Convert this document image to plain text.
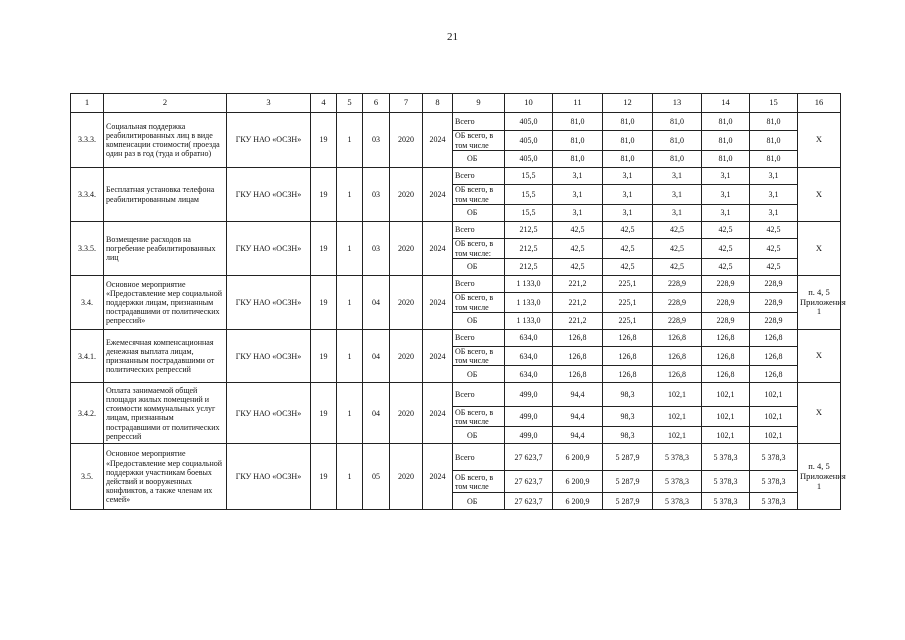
21
1	2	3	4	5	6	7	8	9	10	11	12	13	14	15	16
3.3.3.	Социальная поддержка реабилитированных лиц в виде компенсации стоимости( проезда один раз в год (туда и обратно)	ГКУ НАО «ОСЗН»	19	1	03	2020	2024	Всего	405,0	81,0	81,0	81,0	81,0	81,0	Х
								ОБ всего, в том числе	405,0	81,0	81,0	81,0	81,0	81,0	
								ОБ	405,0	81,0	81,0	81,0	81,0	81,0	
3.3.4.	Бесплатная установка телефона реабилитированным лицам	ГКУ НАО «ОСЗН»	19	1	03	2020	2024	Всего	15,5	3,1	3,1	3,1	3,1	3,1	Х
								ОБ всего, в том числе	15,5	3,1	3,1	3,1	3,1	3,1	
								ОБ	15,5	3,1	3,1	3,1	3,1	3,1	
3.3.5.	Возмещение расходов на погребение реабилитированных лиц	ГКУ НАО «ОСЗН»	19	1	03	2020	2024	Всего	212,5	42,5	42,5	42,5	42,5	42,5	Х
								ОБ всего, в том числе:	212,5	42,5	42,5	42,5	42,5	42,5	
								ОБ	212,5	42,5	42,5	42,5	42,5	42,5	
3.4.	Основное мероприятие «Предоставление мер социальной поддержки лицам, признанным пострадавшими от политических репрессий»	ГКУ НАО «ОСЗН»	19	1	04	2020	2024	Всего	1 133,0	221,2	225,1	228,9	228,9	228,9	п. 4, 5 Приложения 1
								ОБ всего, в том числе	1 133,0	221,2	225,1	228,9	228,9	228,9	
								ОБ	1 133,0	221,2	225,1	228,9	228,9	228,9	
3.4.1.	Ежемесячная компенсационная денежная выплата лицам, признанным пострадавшими от политических репрессий	ГКУ НАО «ОСЗН»	19	1	04	2020	2024	Всего	634,0	126,8	126,8	126,8	126,8	126,8	Х
								ОБ всего, в том числе	634,0	126,8	126,8	126,8	126,8	126,8	
								ОБ	634,0	126,8	126,8	126,8	126,8	126,8	
3.4.2.	Оплата занимаемой общей площади жилых помещений и стоимости коммунальных услуг лицам, признанным пострадавшими от политических репрессий	ГКУ НАО «ОСЗН»	19	1	04	2020	2024	Всего	499,0	94,4	98,3	102,1	102,1	102,1	Х
								ОБ всего, в том числе	499,0	94,4	98,3	102,1	102,1	102,1	
								ОБ	499,0	94,4	98,3	102,1	102,1	102,1	
3.5.	Основное мероприятие «Предоставление мер социальной поддержки участникам боевых действий и вооруженных конфликтов, а также членам их семей»	ГКУ НАО «ОСЗН»	19	1	05	2020	2024	Всего	27 623,7	6 200,9	5 287,9	5 378,3	5 378,3	5 378,3	п. 4, 5 Приложения 1
								ОБ всего, в том числе	27 623,7	6 200,9	5 287,9	5 378,3	5 378,3	5 378,3	
								ОБ	27 623,7	6 200,9	5 287,9	5 378,3	5 378,3	5 378,3	
